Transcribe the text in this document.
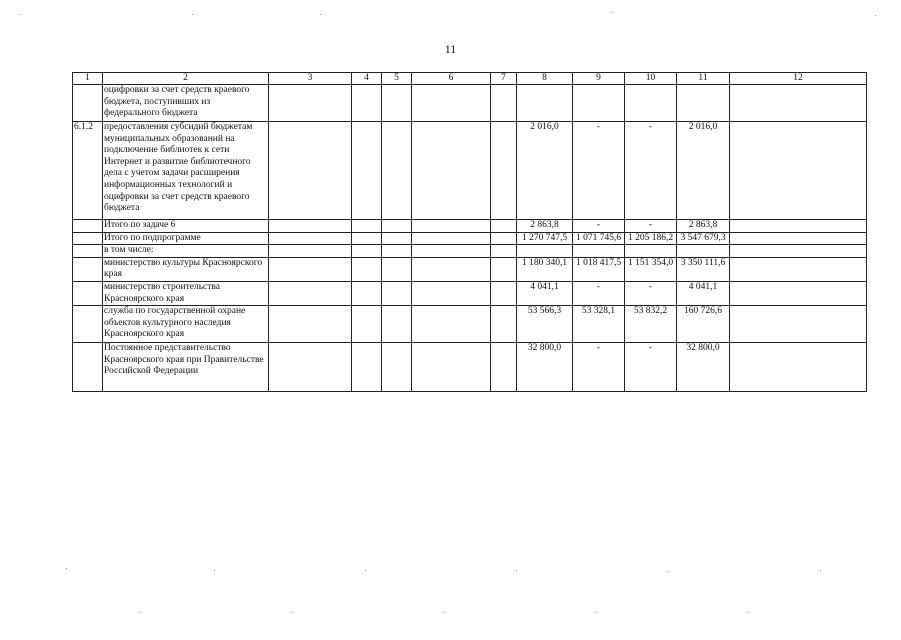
11
1	2	3	4	5	6	7	8	9	10	11	12
	оцифровки за счет средств краевого бюджета, поступивших из федерального бюджета										
6.1.2	предоставления субсидий бюджетам муниципальных образований на подключение библиотек к сети Интернет и развитие библиотечного дела с учетом задачи расширения информационных технологий и оцифровки за счет средств краевого бюджета						2 016,0	-	-	2 016,0	
	Итого по задаче 6						2 863,8	-	-	2 863,8	
	Итого по подпрограмме						1 270 747,5	1 071 745,6	1 205 186,2	3 547 679,3	
	в том числе:										
	министерство культуры Красноярского края						1 180 340,1	1 018 417,5	1 151 354,0	3 350 111,6	
	министерство строительства Красноярского края						4 041,1	-	-	4 041,1	
	служба по государственной охране объектов культурного наследия Красноярского края						53 566,3	53 328,1	53 832,2	160 726,6	
	Постоянное представительство Красноярского края при Правительстве Российской Федерации						32 800,0	-	-	32 800,0	
